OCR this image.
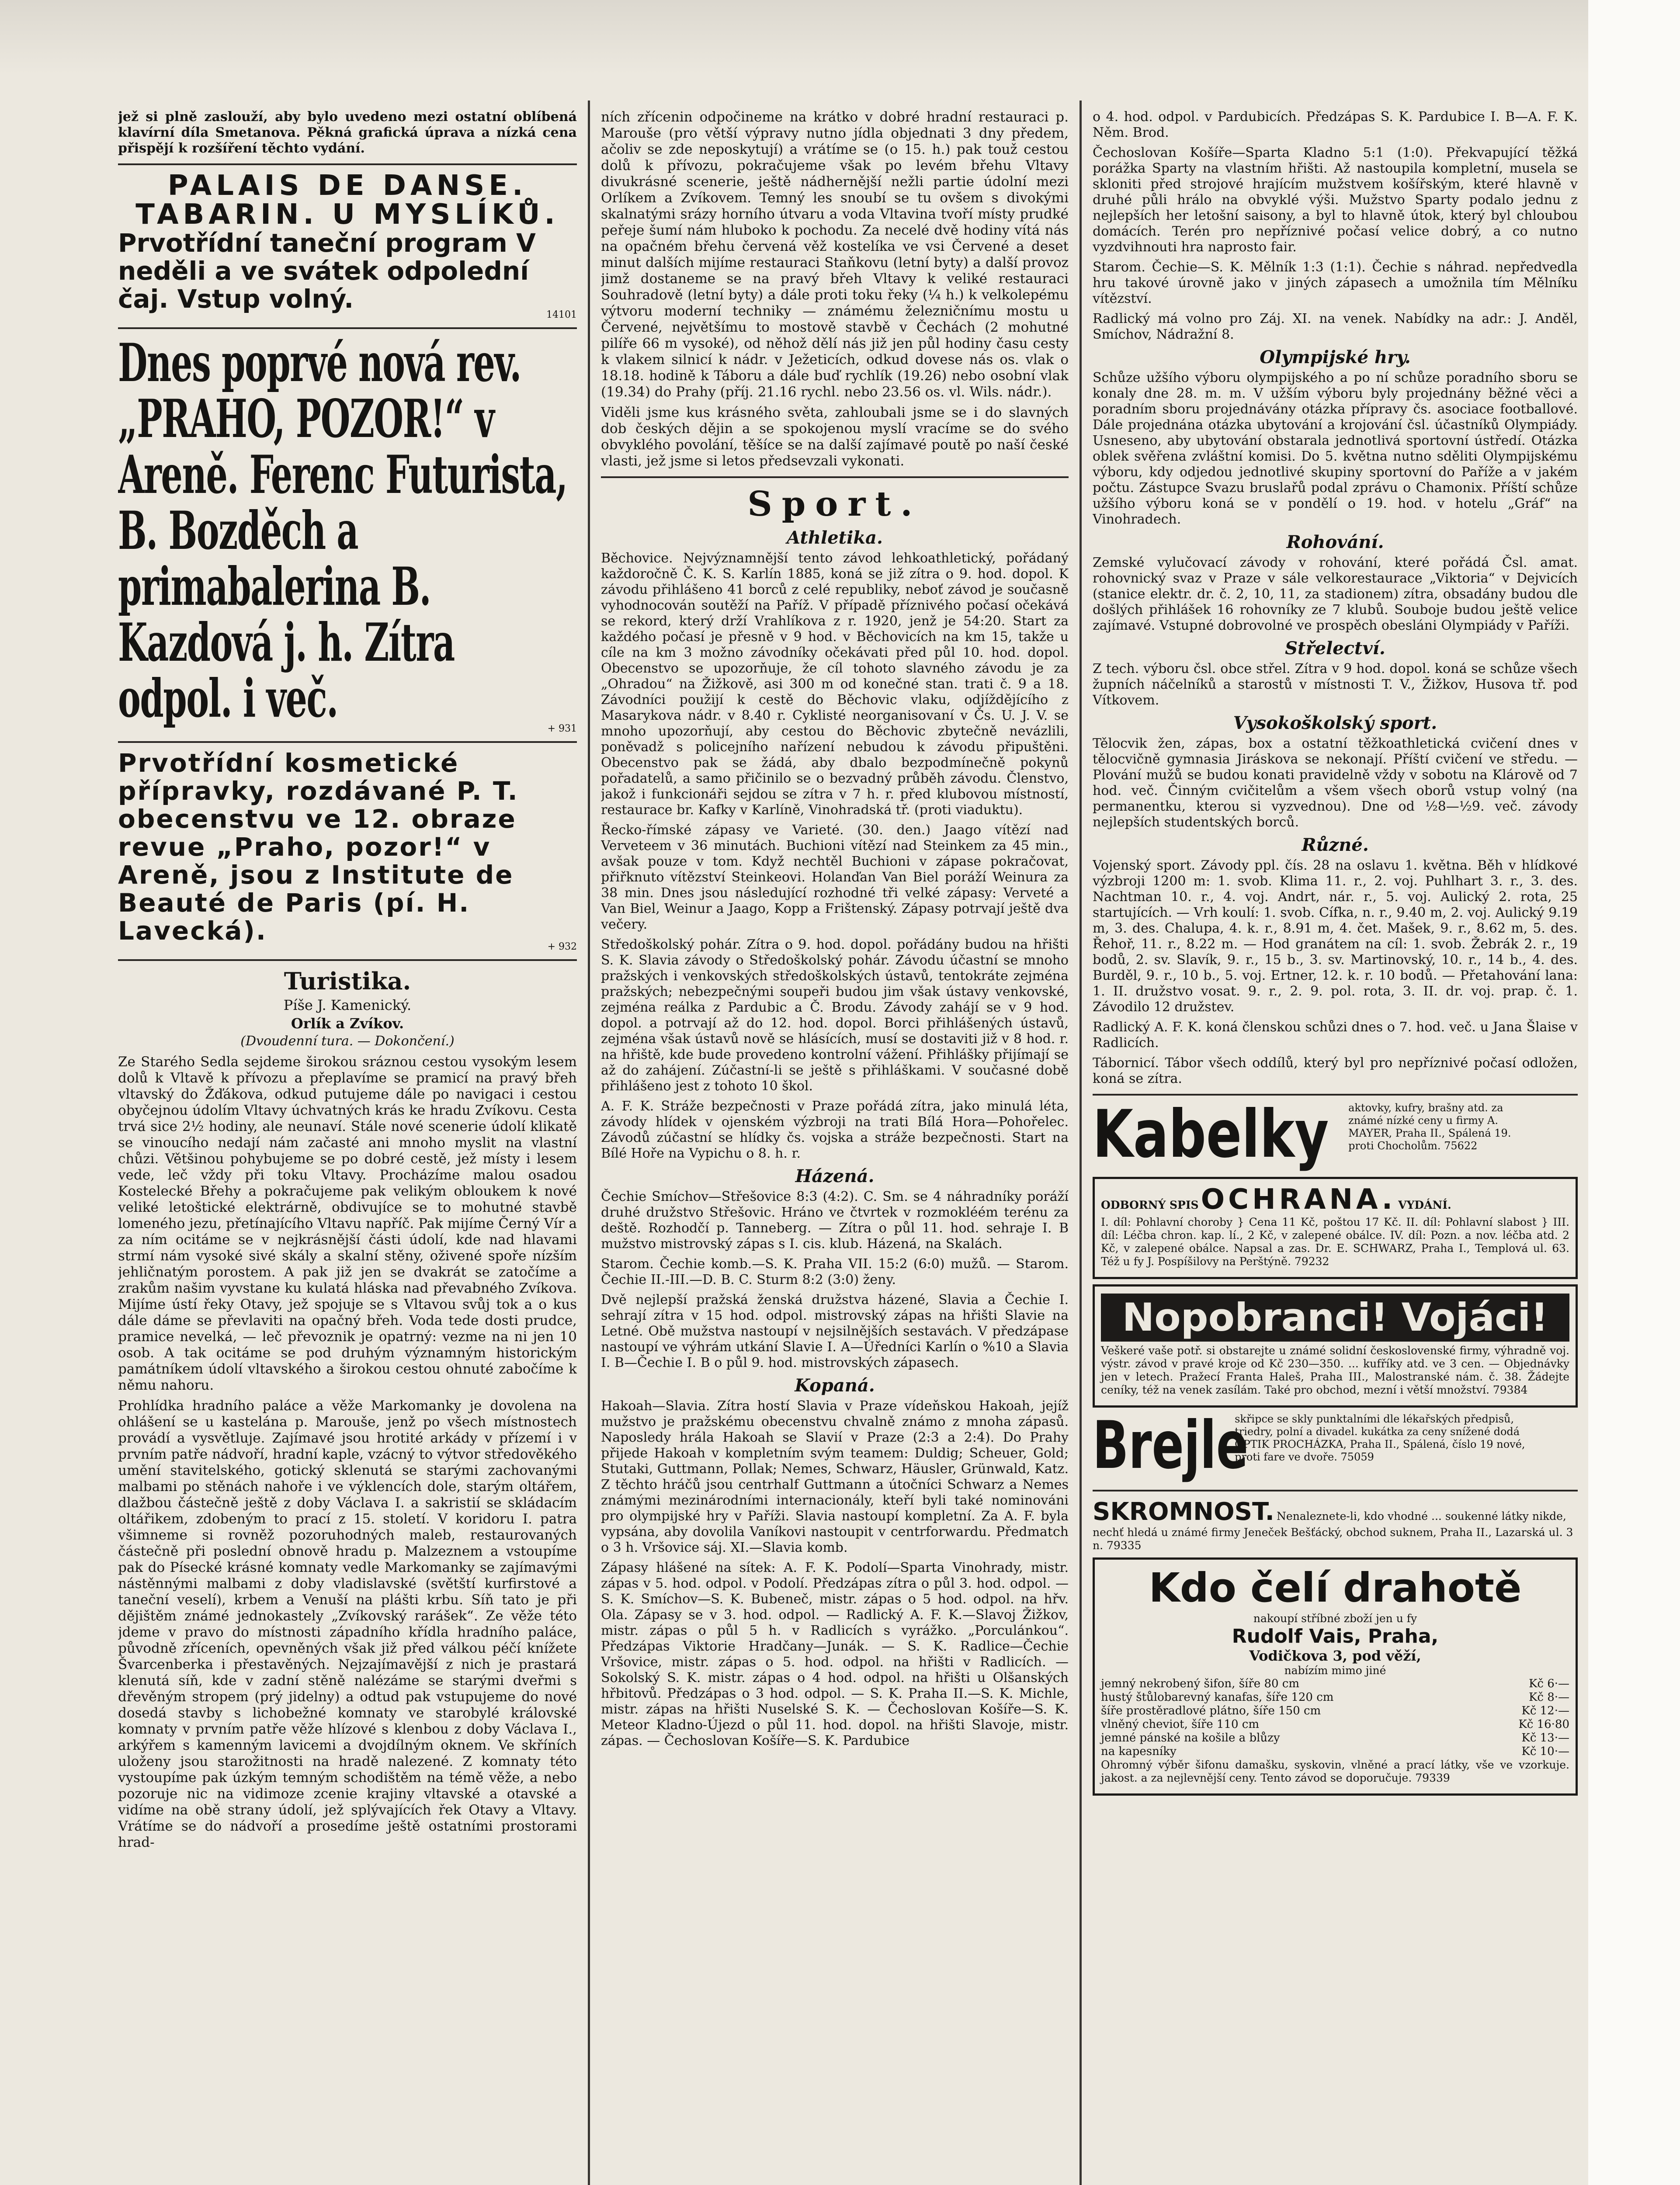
jež si plně zaslouží, aby bylo uvedeno mezi ostatní oblíbená klavírní díla Smetanova. Pěkná grafická úprava a nízká cena přispějí k rozšíření těchto vydání.

PALAIS DE DANSE.
TABARIN. U MYSLÍKŮ.
Prvotřídní taneční program V neděli a ve svátek odpolední čaj. Vstup volný.
14101
Dnes poprvé nová rev. „PRAHO, POZOR!“ v Areně. Ferenc Futurista, B. Bozděch a primabalerina B. Kazdová j. h. Zítra odpol. i več.	+ 931
Prvotřídní kosmetické přípravky, rozdávané P. T. obecenstvu ve 12. obraze revue „Praho, pozor!“ v Areně, jsou z Institute de Beauté de Paris (pí. H. Lavecká).
+ 932
Turistika.
Píše J. Kamenický.
Orlík a Zvíkov.
(Dvoudenní tura. — Dokončení.)

Ze Starého Sedla sejdeme širokou sráznou cestou vysokým lesem dolů k Vltavě k přívozu a přeplavíme se pramicí na pravý břeh vltavský do Žďákova, odkud putujeme dále po navigaci i cestou obyčejnou údolím Vltavy úchvatných krás ke hradu Zvíkovu. Cesta trvá sice 2½ hodiny, ale neunaví. Stále nové scenerie údolí klikatě se vinoucího nedají nám začasté ani mnoho myslit na vlastní chůzi. Většinou pohybujeme se po dobré cestě, jež místy i lesem vede, leč vždy při toku Vltavy. Procházíme malou osadou Kostelecké Břehy a pokračujeme pak velikým obloukem k nové veliké letoštické elektrárně, obdivujíce se to mohutné stavbě lomeného jezu, přetínajícího Vltavu napříč. Pak mijíme Černý Vír a za ním ocitáme se v nejkrásnější části údolí, kde nad hlavami strmí nám vysoké sivé skály a skalní stěny, oživené spoře nízším jehličnatým porostem. A pak již jen se dvakrát se zatočíme a zrakům našim vyvstane ku kulatá hláska nad převabného Zvíkova. Mijíme ústí řeky Otavy, jež spojuje se s Vltavou svůj tok a o kus dále dáme se převlaviti na opačný břeh. Voda tede dosti prudce, pramice nevelká, — leč převoznik je opatrný: vezme na ni jen 10 osob. A tak ocitáme se pod druhým významným historickým památníkem údolí vltavského a širokou cestou ohnuté zabočíme k němu nahoru.

Prohlídka hradního paláce a věže Markomanky je dovolena na ohlášení se u kastelána p. Marouše, jenž po všech místnostech provádí a vysvětluje. Zajímavé jsou hrotité arkády v přízemí i v prvním patře nádvoří, hradní kaple, vzácný to výtvor středověkého umění stavitelského, gotický sklenutá se starými zachovanými malbami po stěnách nahoře i ve výklencích dole, starým oltářem, dlažbou částečně ještě z doby Václava I. a sakristií se skládacím oltářikem, zdobeným to prací z 15. století. V koridoru I. patra všimneme si rovněž pozoruhodných maleb, restaurovaných částečně při poslední obnově hradu p. Malzeznem a vstoupíme pak do Písecké krásné komnaty vedle Markomanky se zajímavými nástěnnými malbami z doby vladislavské (světští kurfirstové a taneční veselí), krbem a Venuší na plášti krbu. Síň tato je při dějištěm známé jednokastely „Zvíkovský rarášek“. Ze věže této jdeme v pravo do místnosti západního křídla hradního paláce, původně zříceních, opevněných však již před válkou péčí knížete Švarcenberka i přestavěných. Nejzajímavější z nich je prastará klenutá síň, kde v zadní stěně nalézáme se starými dveřmi s dřevěným stropem (prý jidelny) a odtud pak vstupujeme do nové dosedá stavby s lichobežné komnaty ve starobylé královské komnaty v prvním patře věže hlízové s klenbou z doby Václava I., arkýřem s kamenným lavicemi a dvojdílným oknem. Ve skříních uloženy jsou starožitnosti na hradě nalezené. Z komnaty této vystoupíme pak úzkým temným schodištěm na témě věže, a nebo pozoruje nic na vidimoze zcenie krajiny vltavské a otavské a vidíme na obě strany údolí, jež splývajících řek Otavy a Vltavy. Vrátíme se do nádvoří a prosedíme ještě ostatními prostorami hrad-

ních zřícenin odpočineme na krátko v dobré hradní restauraci p. Marouše (pro větší výpravy nutno jídla objednati 3 dny předem, ačoliv se zde neposkytují) a vrátíme se (o 15. h.) pak touž cestou dolů k přívozu, pokračujeme však po levém břehu Vltavy divukrásné scenerie, ještě nádhernější nežli partie údolní mezi Orlíkem a Zvíkovem. Temný les snoubí se tu ovšem s divokými skalnatými srázy horního útvaru a voda Vltavina tvoří místy prudké peřeje šumí nám hluboko k pochodu. Za necelé dvě hodiny vítá nás na opačném břehu červená věž kostelíka ve vsi Červené a deset minut dalších mijíme restauraci Staňkovu (letní byty) a další provoz jimž dostaneme se na pravý břeh Vltavy k veliké restauraci Souhradově (letní byty) a dále proti toku řeky (¼ h.) k velkolepému výtvoru moderní techniky — známému železničnímu mostu u Červené, největšímu to mostově stavbě v Čechách (2 mohutné pilíře 66 m vysoké), od něhož dělí nás již jen půl hodiny času cesty k vlakem silnicí k nádr. v Ježeticích, odkud dovese nás os. vlak o 18.18. hodině k Táboru a dále buď rychlík (19.26) nebo osobní vlak (19.34) do Prahy (příj. 21.16 rychl. nebo 23.56 os. vl. Wils. nádr.).

Viděli jsme kus krásného světa, zahloubali jsme se i do slavných dob českých dějin a se spokojenou myslí vracíme se do svého obvyklého povolání, těšíce se na další zajímavé poutě po naší české vlasti, jež jsme si letos předsevzali vykonati.

Sport.
Athletika.

Běchovice. Nejvýznamnější tento závod lehkoathletický, pořádaný každoročně Č. K. S. Karlín 1885, koná se již zítra o 9. hod. dopol. K závodu přihlášeno 41 borců z celé republiky, neboť závod je současně vyhodnocován soutěží na Paříž. V případě příznivého počasí očekává se rekord, který drží Vrahlíkova z r. 1920, jenž je 54:20. Start za každého počasí je přesně v 9 hod. v Běchovicích na km 15, takže u cíle na km 3 možno závodníky očekávati před půl 10. hod. dopol. Obecenstvo se upozorňuje, že cíl tohoto slavného závodu je za „Ohradou“ na Žižkově, asi 300 m od konečné stan. trati č. 9 a 18. Závodníci použijí k cestě do Běchovic vlaku, odjíždějícího z Masarykova nádr. v 8.40 r. Cyklisté neorganisovaní v Čs. U. J. V. se mnoho upozorňují, aby cestou do Běchovic zbytečně nevázlili, poněvadž s policejního nařízení nebudou k závodu připuštěni. Obecenstvo pak se žádá, aby dbalo bezpodmínečně pokynů pořadatelů, a samo přičinilo se o bezvadný průběh závodu. Členstvo, jakož i funkcionáři sejdou se zítra v 7 h. r. před klubovou místností, restaurace br. Kafky v Karlíně, Vinohradská tř. (proti viaduktu).

Řecko-římské zápasy ve Varieté. (30. den.) Jaago vítězí nad Verveteem v 36 minutách. Buchioni vítězí nad Steinkem za 45 min., avšak pouze v tom. Když nechtěl Buchioni v zápase pokračovat, přiřknuto vítězství Steinkeovi. Holanďan Van Biel poráží Weinura za 38 min. Dnes jsou následující rozhodné tři velké zápasy: Verveté a Van Biel, Weinur a Jaago, Kopp a Frištenský. Zápasy potrvají ještě dva večery.

Středoškolský pohár. Zítra o 9. hod. dopol. pořádány budou na hřišti S. K. Slavia závody o Středoškolský pohár. Závodu účastní se mnoho pražských i venkovských středoškolských ústavů, tentokráte zejména pražských; nebezpečnými soupeři budou jim však ústavy venkovské, zejména reálka z Pardubic a Č. Brodu. Závody zahájí se v 9 hod. dopol. a potrvají až do 12. hod. dopol. Borci přihlášených ústavů, zejména však ústavů nově se hlásících, musí se dostaviti již v 8 hod. r. na hřiště, kde bude provedeno kontrolní vážení. Přihlášky přijímají se až do zahájení. Zúčastní-li se ještě s přihláškami. V současné době přihlášeno jest z tohoto 10 škol.

A. F. K. Stráže bezpečnosti v Praze pořádá zítra, jako minulá léta, závody hlídek v ojenském výzbroji na trati Bílá Hora—Pohořelec. Závodů zúčastní se hlídky čs. vojska a stráže bezpečnosti. Start na Bílé Hoře na Vypichu o 8. h. r.

Házená.

Čechie Smíchov—Střešovice 8:3 (4:2). C. Sm. se 4 náhradníky poráží druhé družstvo Střešovic. Hráno ve čtvrtek v rozmokléém terénu za deště. Rozhodčí p. Tanneberg. — Zítra o půl 11. hod. sehraje I. B mužstvo mistrovský zápas s I. cis. klub. Házená, na Skalách.

Starom. Čechie komb.—S. K. Praha VII. 15:2 (6:0) mužů. — Starom. Čechie II.-III.—D. B. C. Sturm 8:2 (3:0) ženy.

Dvě nejlepší pražská ženská družstva házené, Slavia a Čechie I. sehrají zítra v 15 hod. odpol. mistrovský zápas na hřišti Slavie na Letné. Obě mužstva nastoupí v nejsilnějších sestavách. V předzápase nastoupí ve výhrám utkání Slavie I. A—Úředníci Karlín o %10 a Slavia I. B—Čechie I. B o půl 9. hod. mistrovských zápasech.

Kopaná.

Hakoah—Slavia. Zítra hostí Slavia v Praze vídeňskou Hakoah, jejíž mužstvo je pražskému obecenstvu chvalně známo z mnoha zápasů. Naposledy hrála Hakoah se Slavií v Praze (2:3 a 2:4). Do Prahy přijede Hakoah v kompletním svým teamem: Duldig; Scheuer, Gold; Stutaki, Guttmann, Pollak; Nemes, Schwarz, Häusler, Grünwald, Katz. Z těchto hráčů jsou centrhalf Guttmann a útočníci Schwarz a Nemes známými mezinárodními internacionály, kteří byli také nominováni pro olympijské hry v Paříži. Slavia nastoupí kompletní. Za A. F. byla vypsána, aby dovolila Vaníkovi nastoupit v centrforwardu. Předmatch o 3 h. Vršovice sáj. XI.—Slavia komb.

Zápasy hlášené na sítek: A. F. K. Podolí—Sparta Vinohrady, mistr. zápas v 5. hod. odpol. v Podolí. Předzápas zítra o půl 3. hod. odpol. — S. K. Smíchov—S. K. Bubeneč, mistr. zápas o 5 hod. odpol. na hřv. Ola. Zápasy se v 3. hod. odpol. — Radlický A. F. K.—Slavoj Žižkov, mistr. zápas o půl 5 h. v Radlicích s vyrážko. „Porculánkou“. Předzápas Viktorie Hradčany—Junák. — S. K. Radlice—Čechie Vršovice, mistr. zápas o 5. hod. odpol. na hřišti v Radlicích. — Sokolský S. K. mistr. zápas o 4 hod. odpol. na hřišti u Olšanských hřbitovů. Předzápas o 3 hod. odpol. — S. K. Praha II.—S. K. Michle, mistr. zápas na hřišti Nuselské S. K. — Čechoslovan Košíře—S. K. Meteor Kladno-Újezd o půl 11. hod. dopol. na hřišti Slavoje, mistr. zápas. — Čechoslovan Košíře—S. K. Pardubice

o 4. hod. odpol. v Pardubicích. Předzápas S. K. Pardubice I. B—A. F. K. Něm. Brod.

Čechoslovan Košíře—Sparta Kladno 5:1 (1:0). Překvapující těžká porážka Sparty na vlastním hřišti. Až nastoupila kompletní, musela se skloniti před strojové hrajícím mužstvem košířským, které hlavně v druhé půli hrálo na obvyklé výši. Mužstvo Sparty podalo jednu z nejlepších her letošní saisony, a byl to hlavně útok, který byl chloubou domácích. Terén pro nepříznivé počasí velice dobrý, a co nutno vyzdvihnouti hra naprosto fair.

Starom. Čechie—S. K. Mělník 1:3 (1:1). Čechie s náhrad. nepředvedla hru takové úrovně jako v jiných zápasech a umožnila tím Mělníku vítězství.

Radlický má volno pro Záj. XI. na venek. Nabídky na adr.: J. Anděl, Smíchov, Nádražní 8.

Olympijské hry.

Schůze užšího výboru olympijského a po ní schůze poradního sboru se konaly dne 28. m. m. V užším výboru byly projednány běžné věci a poradním sboru projednávány otázka přípravy čs. asociace footballové. Dále projednána otázka ubytování a krojování čsl. účastníků Olympiády. Usneseno, aby ubytování obstarala jednotlivá sportovní ústředí. Otázka oblek svěřena zvláštní komisi. Do 5. května nutno sděliti Olympijskému výboru, kdy odjedou jednotlivé skupiny sportovní do Paříže a v jakém počtu. Zástupce Svazu bruslařů podal zprávu o Chamonix. Příští schůze užšího výboru koná se v pondělí o 19. hod. v hotelu „Gráf“ na Vinohradech.

Rohování.

Zemské vylučovací závody v rohování, které pořádá Čsl. amat. rohovnický svaz v Praze v sále velkorestaurace „Viktoria“ v Dejvicích (stanice elektr. dr. č. 2, 10, 11, za stadionem) zítra, obsadány budou dle došlých přihlášek 16 rohovníky ze 7 klubů. Souboje budou ještě velice zajímavé. Vstupné dobrovolné ve prospěch obesláni Olympiády v Paříži.

Střelectví.

Z tech. výboru čsl. obce střel. Zítra v 9 hod. dopol. koná se schůze všech župních náčelníků a starostů v místnosti T. V., Žižkov, Husova tř. pod Vítkovem.

Vysokoškolský sport.

Tělocvik žen, zápas, box a ostatní těžkoathletická cvičení dnes v tělocvičně gymnasia Jiráskova se nekonají. Příští cvičení ve středu. — Plování mužů se budou konati pravidelně vždy v sobotu na Klárově od 7 hod. več. Činným cvičitelům a všem všech oborů vstup volný (na permanentku, kterou si vyzvednou). Dne od ½8—½9. več. závody nejlepších studentských borců.

Různé.

Vojenský sport. Závody ppl. čís. 28 na oslavu 1. května. Běh v hlídkové výzbroji 1200 m: 1. svob. Klima 11. r., 2. voj. Puhlhart 3. r., 3. des. Nachtman 10. r., 4. voj. Andrt, nár. r., 5. voj. Aulický 2. rota, 25 startujících. — Vrh koulí: 1. svob. Cífka, n. r., 9.40 m, 2. voj. Aulický 9.19 m, 3. des. Chalupa, 4. k. r., 8.91 m, 4. čet. Mašek, 9. r., 8.62 m, 5. des. Řehoř, 11. r., 8.22 m. — Hod granátem na cíl: 1. svob. Žebrák 2. r., 19 bodů, 2. sv. Slavík, 9. r., 15 b., 3. sv. Martinovský, 10. r., 14 b., 4. des. Burděl, 9. r., 10 b., 5. voj. Ertner, 12. k. r. 10 bodů. — Přetahování lana: 1. II. družstvo vosat. 9. r., 2. 9. pol. rota, 3. II. dr. voj. prap. č. 1. Závodilo 12 družstev.

Radlický A. F. K. koná členskou schůzi dnes o 7. hod. več. u Jana Šlaise v Radlicích.

Tábornicí. Tábor všech oddílů, který byl pro nepříznivé počasí odložen, koná se zítra.

Kabelky aktovky, kufry, brašny atd. za známé nízké ceny u firmy A. MAYER, Praha II., Spálená 19. proti Chocholům. 75622
ODBORNÝ SPIS OCHRANA. VYDÁNÍ.

I. díl: Pohlavní choroby } Cena 11 Kč, poštou 17 Kč. II. díl: Pohlavní slabost } III. díl: Léčba chron. kap. lí., 2 Kč, v zalepené obálce. IV. díl: Pozn. a nov. léčba atd. 2 Kč, v zalepené obálce. Napsal a zas. Dr. E. SCHWARZ, Praha I., Templová ul. 63. Též u fy J. Pospíšilovy na Perštýně. 79232

Nopobranci! Vojáci!

Veškeré vaše potř. si obstarejte u známé solidní československé firmy, výhradně voj. výstr. závod v pravé kroje od Kč 230—350. ... kufříky atd. ve 3 cen. — Objednávky jen v letech. Pražecí Franta Haleš, Praha III., Malostranské nám. č. 38. Žádejte ceníky, též na venek zasílám. Také pro obchod, mezní i větší množství. 79384

Brejle skřipce se skly punktalními dle lékařských předpisů, triedry, polní a divadel. kukátka za ceny snížené dodá OPTIK PROCHÁZKA, Praha II., Spálená, číslo 19 nové, proti fare ve dvoře. 75059
SKROMNOST. Nenaleznete-li, kdo vhodné ... soukenné látky nikde, nechť hledá u známé firmy Jeneček Bešťácký, obchod suknem, Praha II., Lazarská ul. 3 n. 79335
Kdo čelí drahotě
nakoupí stříbné zboží jen u fy
Rudolf Vais, Praha,
Vodičkova 3, pod věží,
nabízím mimo jiné
jemný nekrobený šifon, šíře 80 cm	Kč 6·—
hustý štůlobarevný kanafas, šíře 120 cm	Kč 8·—
šíře prostěradlové plátno, šíře 150 cm	Kč 12·—
vlněný cheviot, šíře 110 cm	Kč 16·80
jemné pánské na košile a blůzy	Kč 13·—
na kapesníky	Kč 10·—

Ohromný výběr šifonu damašku, syskovin, vlněné a prací látky, vše ve vzorkuje. jakost. a za nejlevnější ceny. Tento závod se doporučuje. 79339
